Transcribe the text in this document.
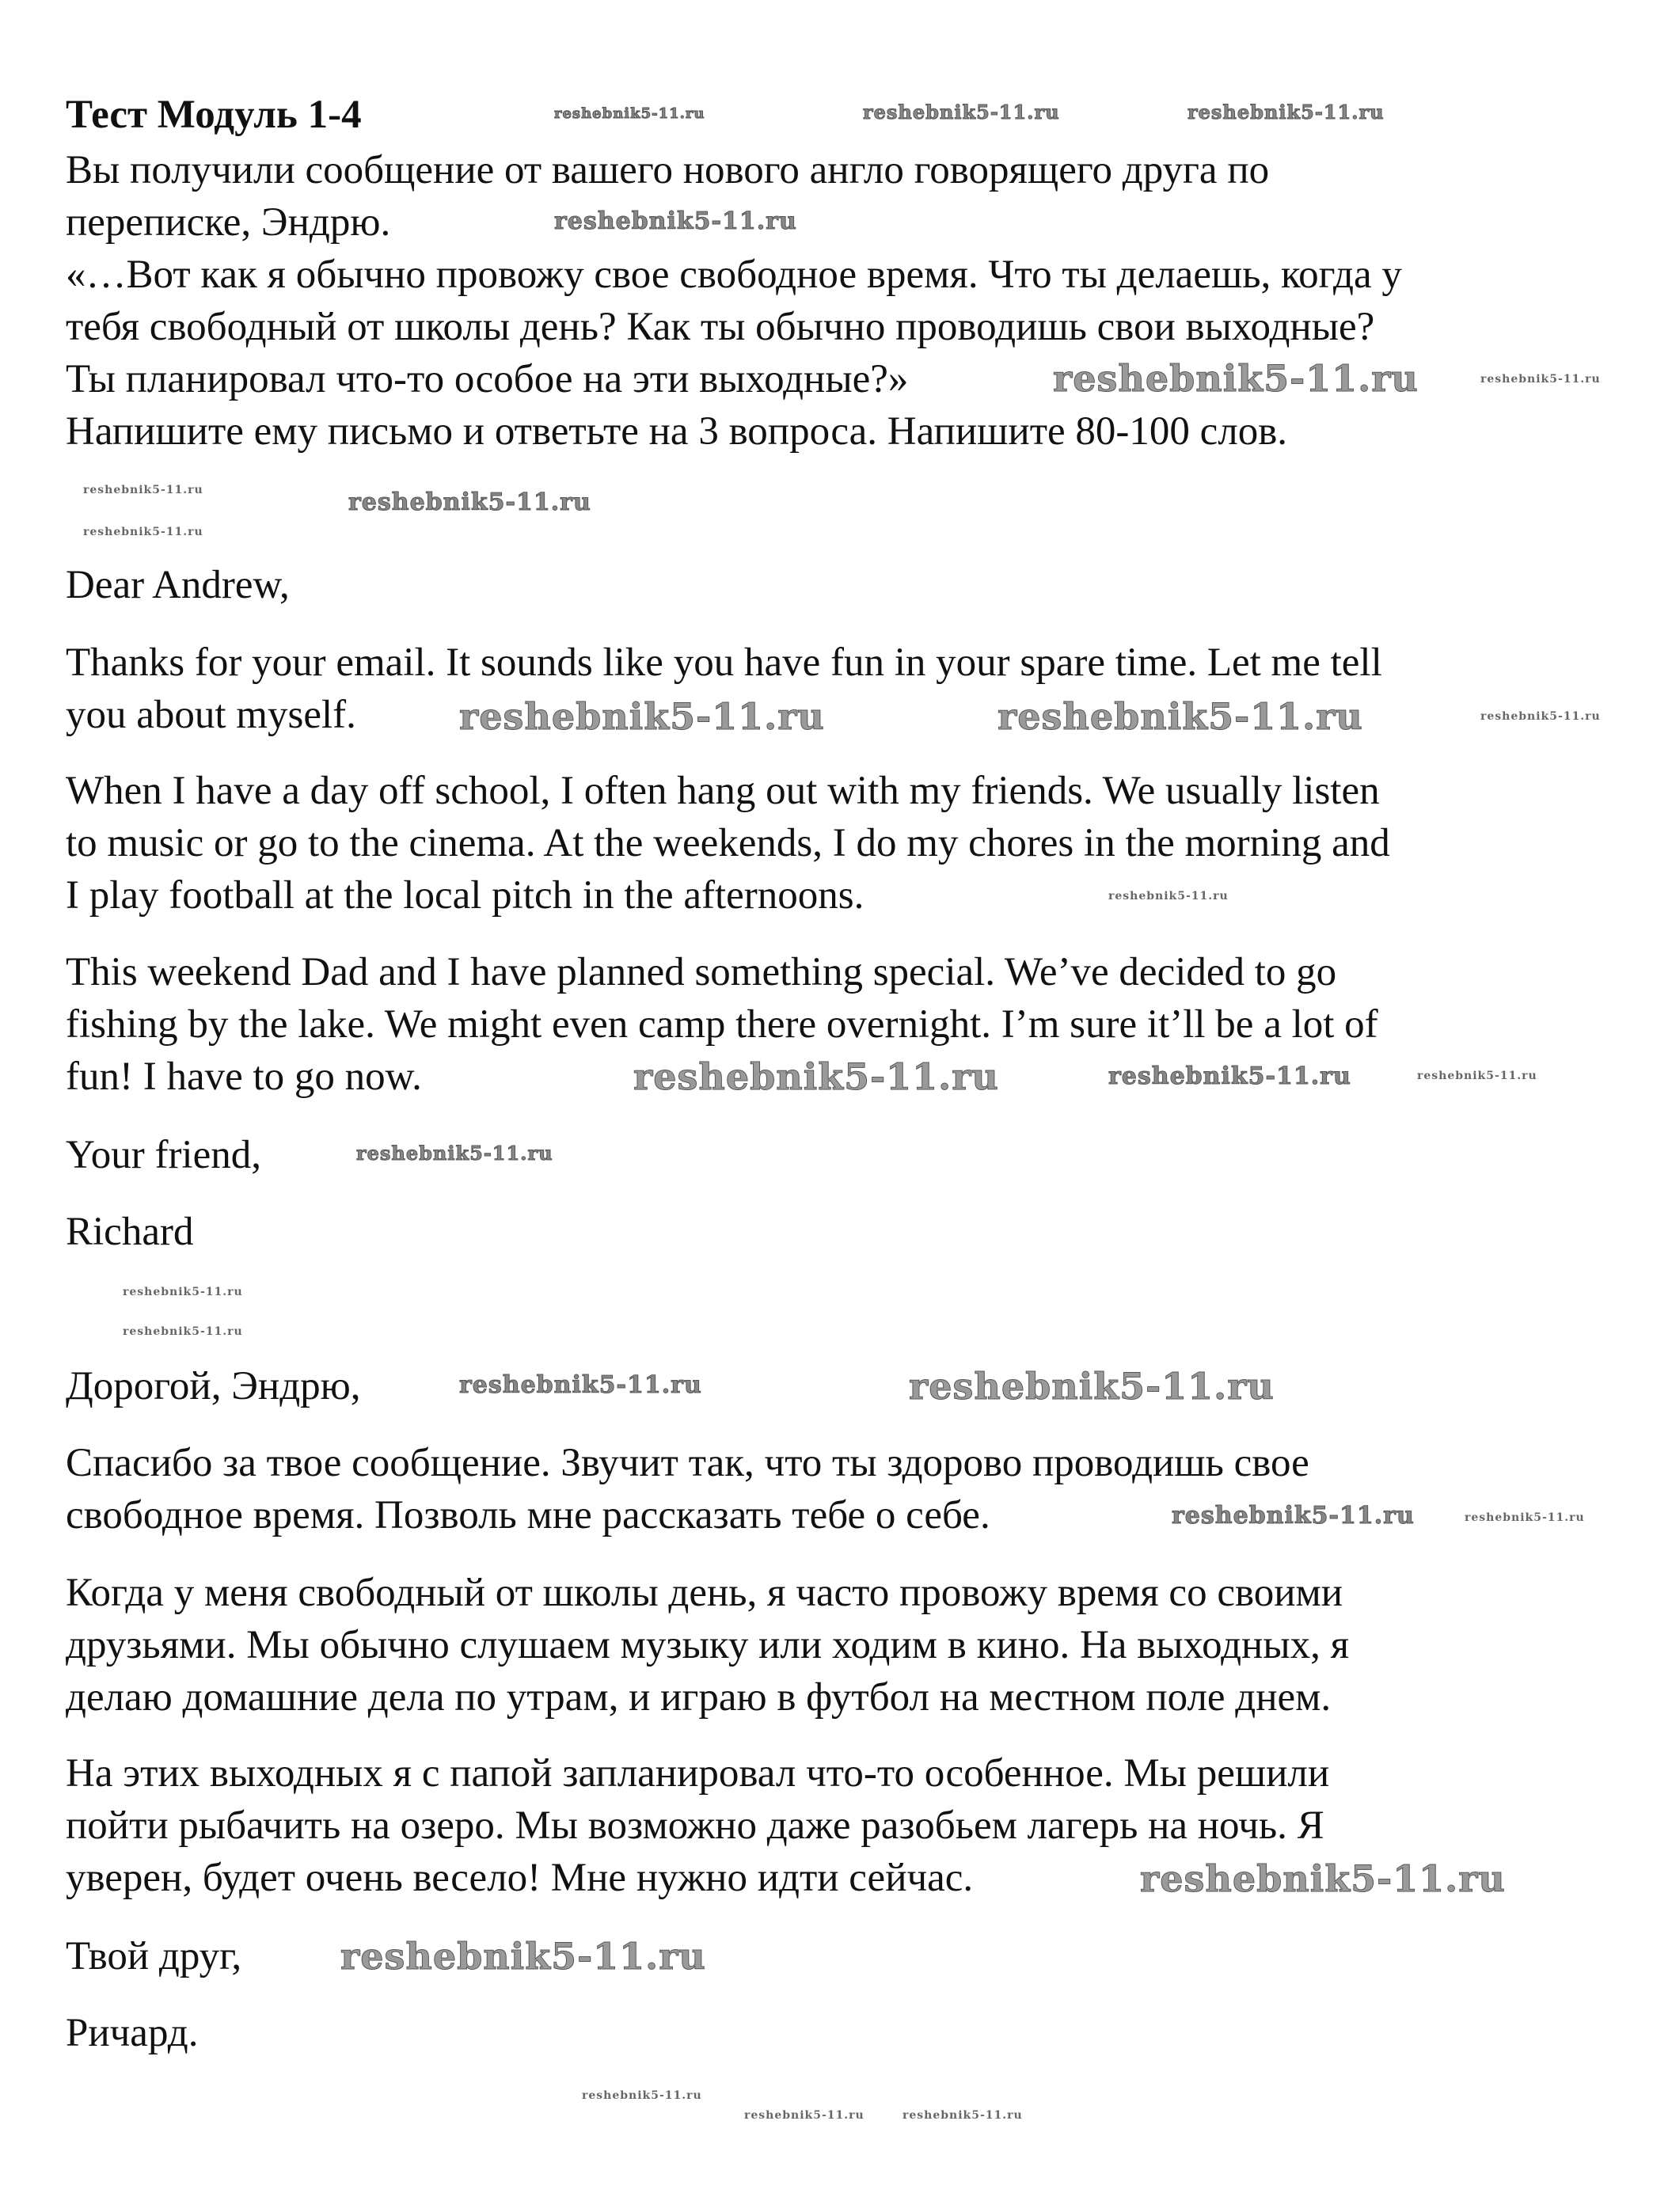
Тест Модуль 1-4
Вы получили сообщение от вашего нового англо говорящего друга по
переписке, Эндрю.
«…Вот как я обычно провожу свое свободное время. Что ты делаешь, когда у
тебя свободный от школы день? Как ты обычно проводишь свои выходные?
Ты планировал что-то особое на эти выходные?»
Напишите ему письмо и ответьте на 3 вопроса. Напишите 80-100 слов.
Dear Andrew,
Thanks for your email. It sounds like you have fun in your spare time. Let me tell
you about myself.
When I have a day off school, I often hang out with my friends. We usually listen
to music or go to the cinema. At the weekends, I do my chores in the morning and
I play football at the local pitch in the afternoons.
This weekend Dad and I have planned something special. We’ve decided to go
fishing by the lake. We might even camp there overnight. I’m sure it’ll be a lot of
fun! I have to go now.
Your friend,
Richard
Дорогой, Эндрю,
Спасибо за твое сообщение. Звучит так, что ты здорово проводишь свое
свободное время. Позволь мне рассказать тебе о себе.
Когда у меня свободный от школы день, я часто провожу время со своими
друзьями. Мы обычно слушаем музыку или ходим в кино. На выходных, я
делаю домашние дела по утрам, и играю в футбол на местном поле днем.
На этих выходных я с папой запланировал что-то особенное. Мы решили
пойти рыбачить на озеро. Мы возможно даже разобьем лагерь на ночь. Я
уверен, будет очень весело! Мне нужно идти сейчас.
Твой друг,
Ричард.
reshebnik5-11.ru	reshebnik5-11.ru
reshebnik5-11.ru
reshebnik5-11.ru
reshebnik5-11.ru	reshebnik5-11.ru
reshebnik5-11.ru	reshebnik5-11.ru
reshebnik5-11.ru
reshebnik5-11.ru	reshebnik5-11.ru	reshebnik5-11.ru
reshebnik5-11.ru
reshebnik5-11.ru	reshebnik5-11.ru	reshebnik5-11.ru
reshebnik5-11.ru
reshebnik5-11.ru
reshebnik5-11.ru
reshebnik5-11.ru	reshebnik5-11.ru
reshebnik5-11.ru	reshebnik5-11.ru
reshebnik5-11.ru
reshebnik5-11.ru	reshebnik5-11.ru
reshebnik5-11.ru
reshebnik5-11.ru
